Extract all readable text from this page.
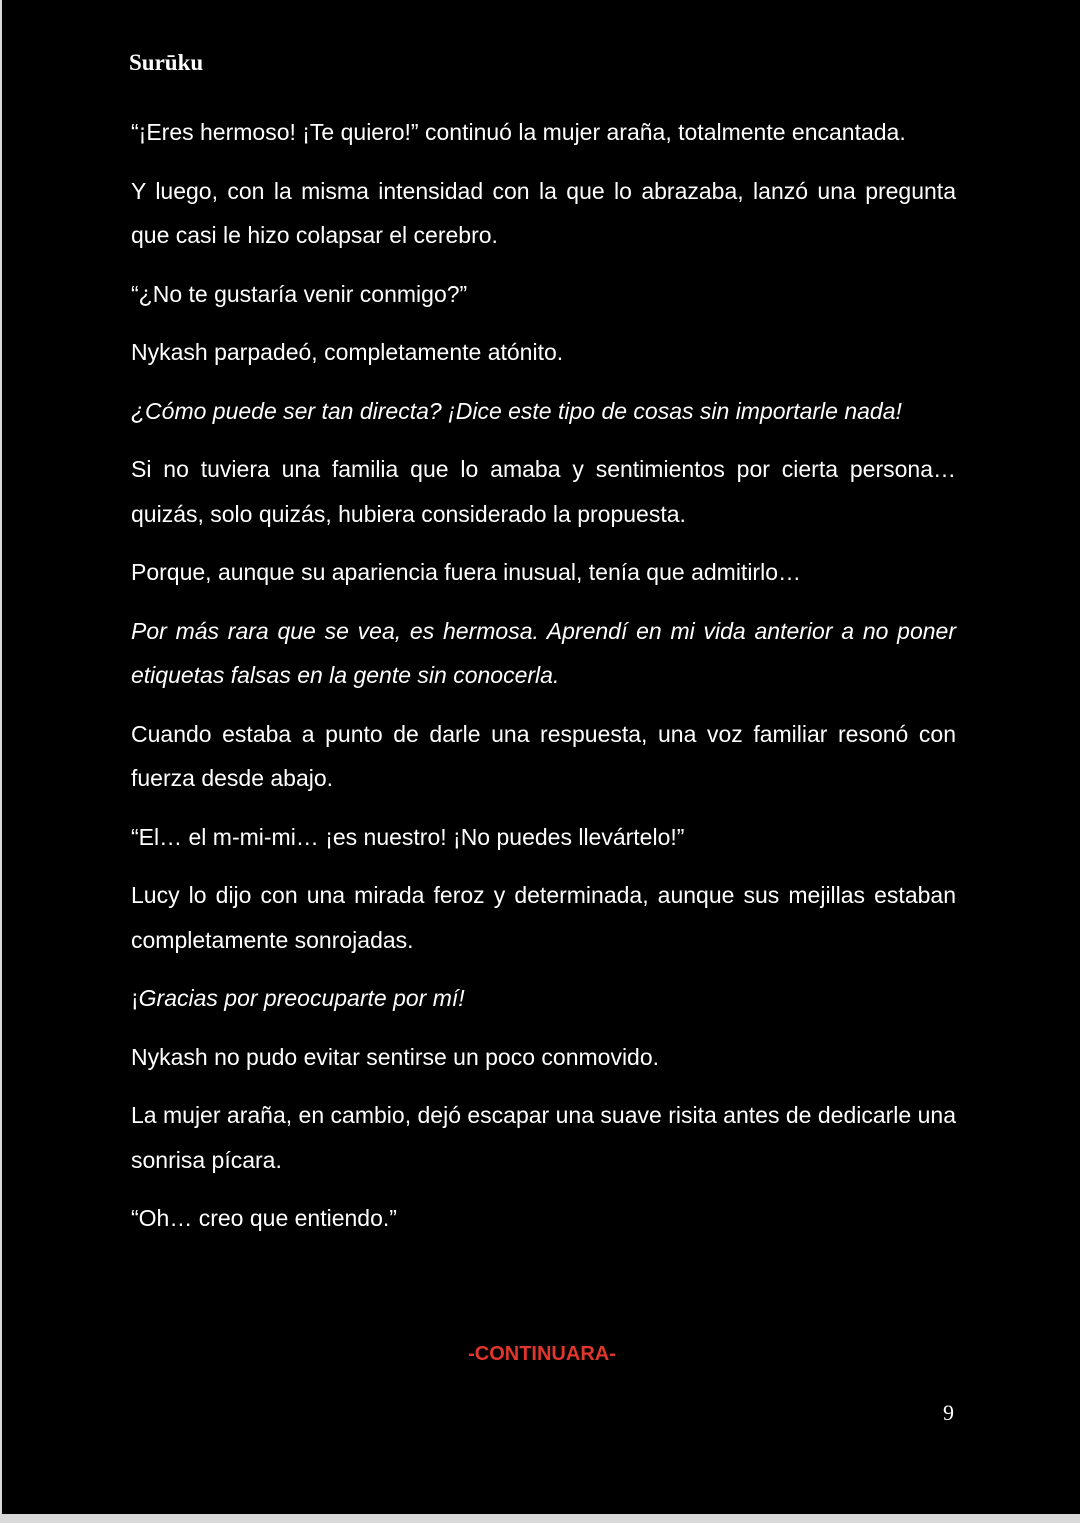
Surūku

“¡Eres hermoso! ¡Te quiero!” continuó la mujer araña, totalmente encantada.

Y luego, con la misma intensidad con la que lo abrazaba, lanzó una pregunta que casi le hizo colapsar el cerebro.

“¿No te gustaría venir conmigo?”

Nykash parpadeó, completamente atónito.

¿Cómo puede ser tan directa? ¡Dice este tipo de cosas sin importarle nada!

Si no tuviera una familia que lo amaba y sentimientos por cierta persona… quizás, solo quizás, hubiera considerado la propuesta.

Porque, aunque su apariencia fuera inusual, tenía que admitirlo…

Por más rara que se vea, es hermosa. Aprendí en mi vida anterior a no poner etiquetas falsas en la gente sin conocerla.

Cuando estaba a punto de darle una respuesta, una voz familiar resonó con fuerza desde abajo.

“El… el m-mi-mi… ¡es nuestro! ¡No puedes llevártelo!”

Lucy lo dijo con una mirada feroz y determinada, aunque sus mejillas estaban completamente sonrojadas.

¡Gracias por preocuparte por mí!

Nykash no pudo evitar sentirse un poco conmovido.

La mujer araña, en cambio, dejó escapar una suave risita antes de dedicarle una sonrisa pícara.

“Oh… creo que entiendo.”

-CONTINUARA-
9
